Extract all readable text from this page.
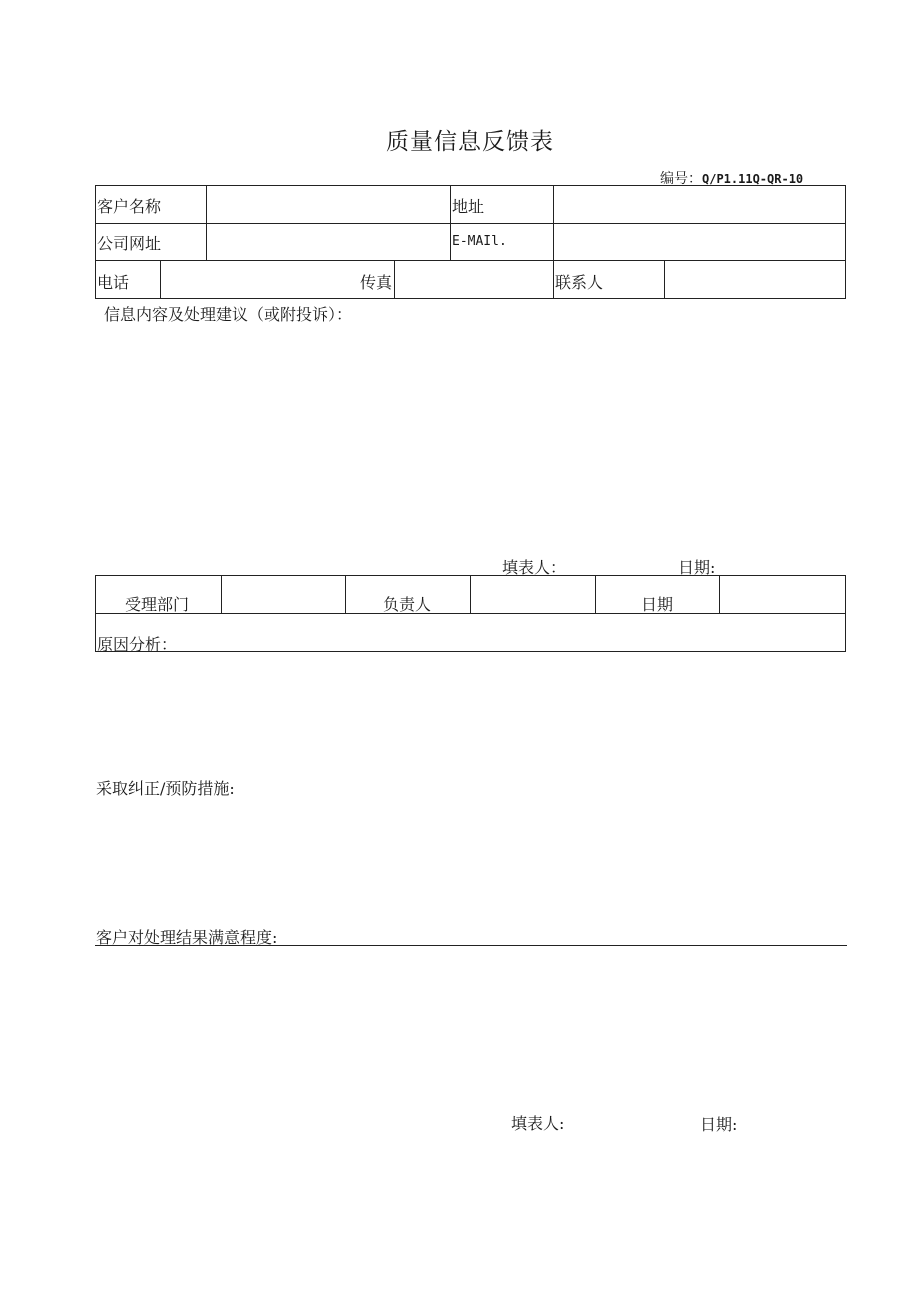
质量信息反馈表
编号：Q/P1.11Q-QR-10
客户名称	地址
公司网址	E-MAIl.
电话	传真	联系人
信息内容及处理建议（或附投诉）：
填表人：	日期:
受理部门	负责人	日期
原因分析：
采取纠正/预防措施:
客户对处理结果满意程度:
填表人:	日期:
